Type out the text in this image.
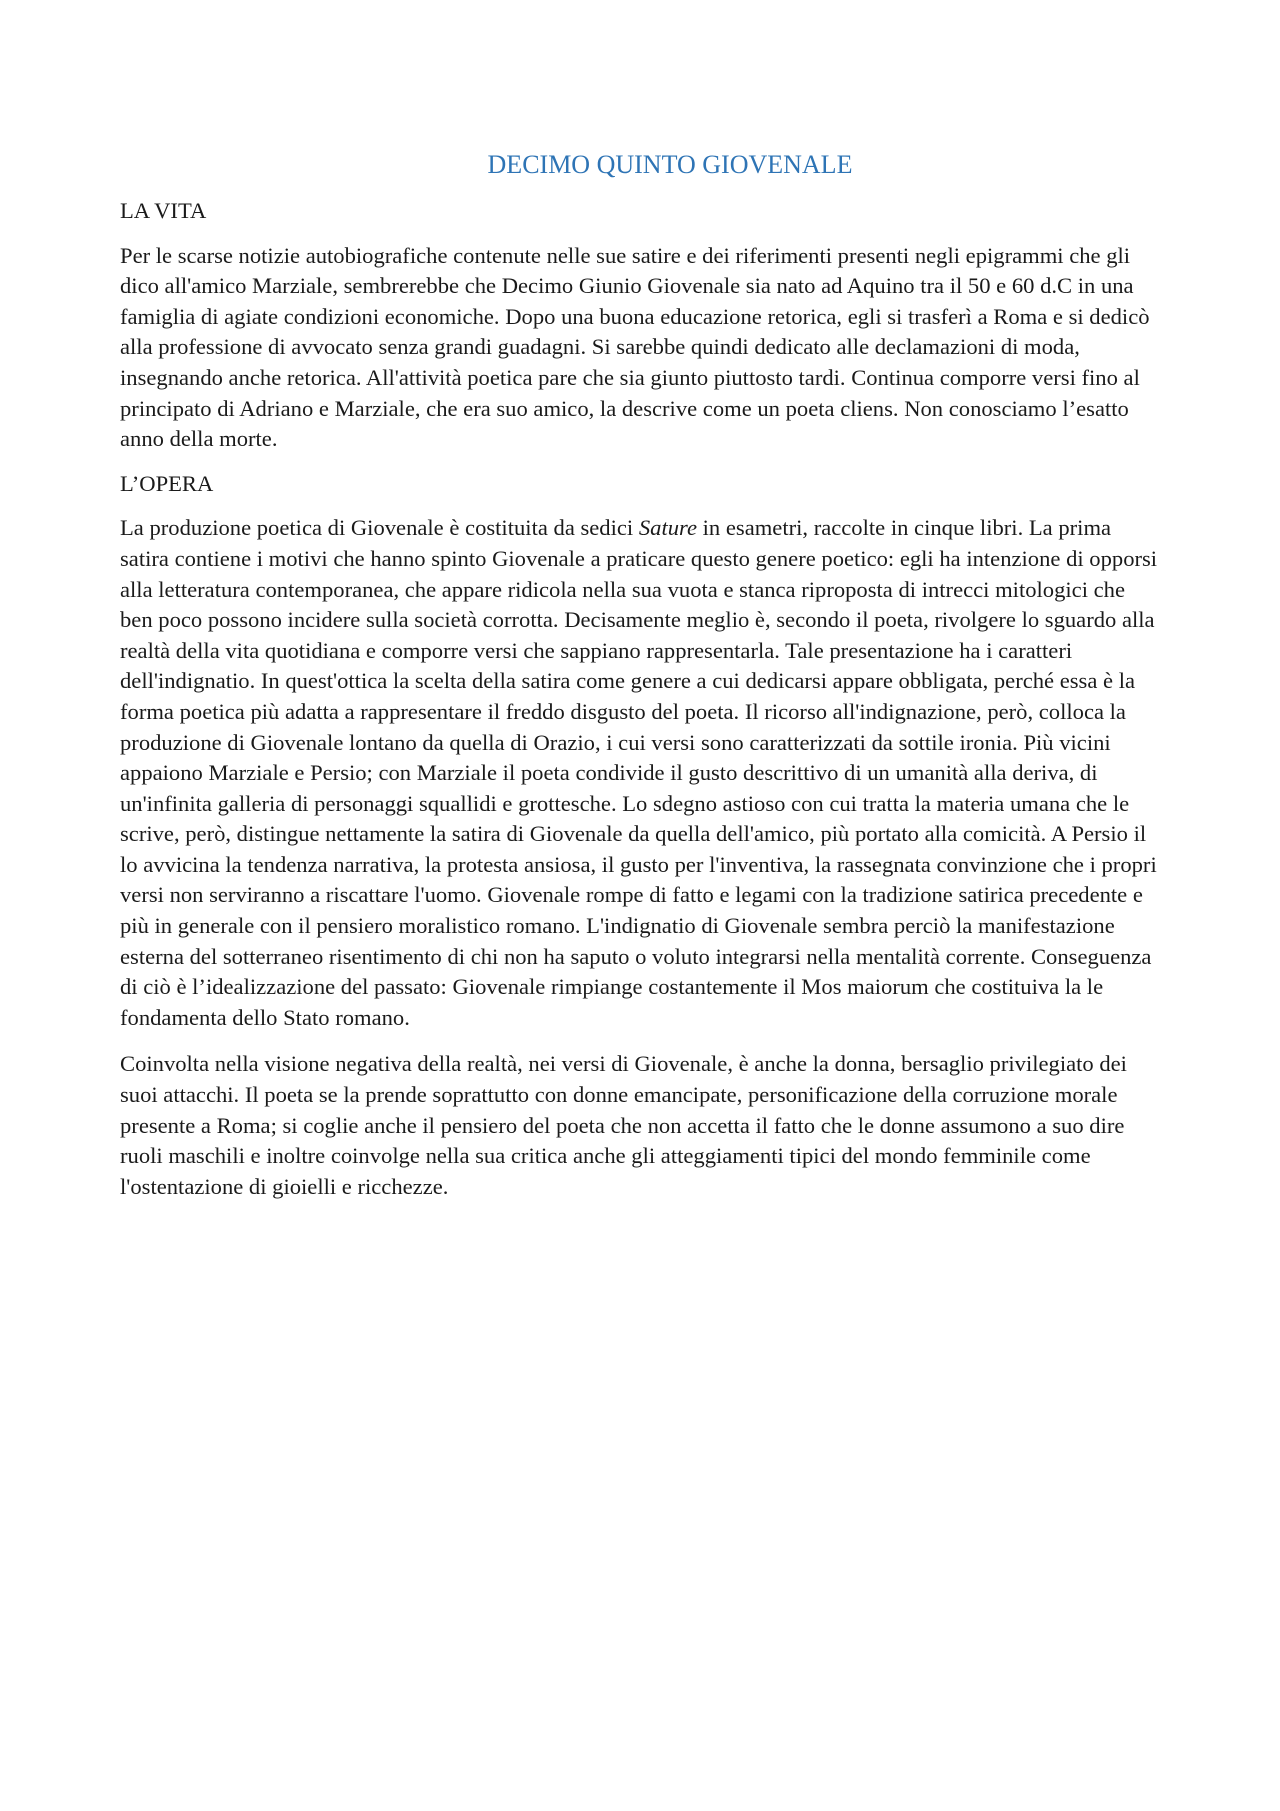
DECIMO QUINTO GIOVENALE

LA VITA

Per le scarse notizie autobiografiche contenute nelle sue satire e dei riferimenti presenti negli epigrammi che gli dico all'amico Marziale, sembrerebbe che Decimo Giunio Giovenale sia nato ad Aquino tra il 50 e 60 d.C in una famiglia di agiate condizioni economiche. Dopo una buona educazione retorica, egli si trasferì a Roma e si dedicò alla professione di avvocato senza grandi guadagni. Si sarebbe quindi dedicato alle declamazioni di moda, insegnando anche retorica. All'attività poetica pare che sia giunto piuttosto tardi. Continua comporre versi fino al principato di Adriano e Marziale, che era suo amico, la descrive come un poeta cliens. Non conosciamo l’esatto anno della morte.

L’OPERA

La produzione poetica di Giovenale è costituita da sedici Sature in esametri, raccolte in cinque libri. La prima satira contiene i motivi che hanno spinto Giovenale a praticare questo genere poetico: egli ha intenzione di opporsi alla letteratura contemporanea, che appare ridicola nella sua vuota e stanca riproposta di intrecci mitologici che ben poco possono incidere sulla società corrotta. Decisamente meglio è, secondo il poeta, rivolgere lo sguardo alla realtà della vita quotidiana e comporre versi che sappiano rappresentarla. Tale presentazione ha i caratteri dell'indignatio. In quest'ottica la scelta della satira come genere a cui dedicarsi appare obbligata, perché essa è la forma poetica più adatta a rappresentare il freddo disgusto del poeta. Il ricorso all'indignazione, però, colloca la produzione di Giovenale lontano da quella di Orazio, i cui versi sono caratterizzati da sottile ironia. Più vicini appaiono Marziale e Persio; con Marziale il poeta condivide il gusto descrittivo di un umanità alla deriva, di un'infinita galleria di personaggi squallidi e grottesche. Lo sdegno astioso con cui tratta la materia umana che le scrive, però, distingue nettamente la satira di Giovenale da quella dell'amico, più portato alla comicità. A Persio il lo avvicina la tendenza narrativa, la protesta ansiosa, il gusto per l'inventiva, la rassegnata convinzione che i propri versi non serviranno a riscattare l'uomo. Giovenale rompe di fatto e legami con la tradizione satirica precedente e più in generale con il pensiero moralistico romano. L'indignatio di Giovenale sembra perciò la manifestazione esterna del sotterraneo risentimento di chi non ha saputo o voluto integrarsi nella mentalità corrente. Conseguenza di ciò è l’idealizzazione del passato: Giovenale rimpiange costantemente il Mos maiorum che costituiva la le fondamenta dello Stato romano.

Coinvolta nella visione negativa della realtà, nei versi di Giovenale, è anche la donna, bersaglio privilegiato dei suoi attacchi. Il poeta se la prende soprattutto con donne emancipate, personificazione della corruzione morale presente a Roma; si coglie anche il pensiero del poeta che non accetta il fatto che le donne assumono a suo dire ruoli maschili e inoltre coinvolge nella sua critica anche gli atteggiamenti tipici del mondo femminile come l'ostentazione di gioielli e ricchezze.
